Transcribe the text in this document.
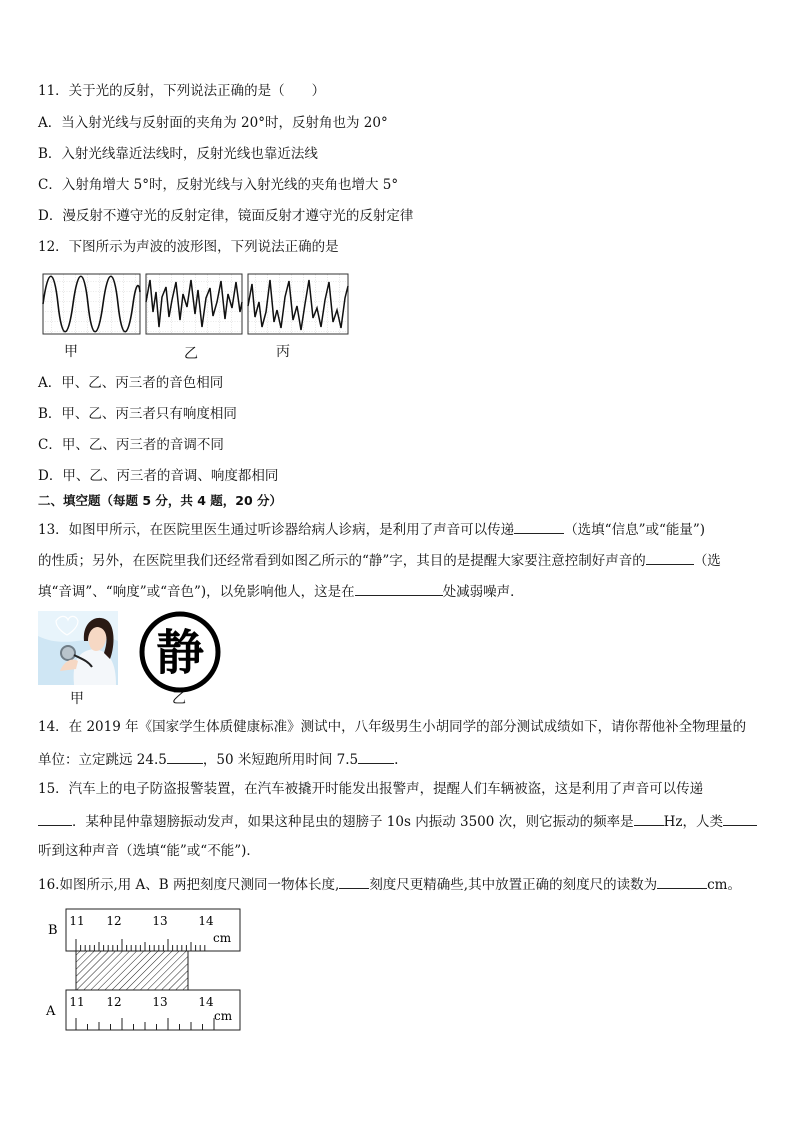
11．关于光的反射，下列说法正确的是（　　）
A．当入射光线与反射面的夹角为 20°时，反射角也为 20°
B．入射光线靠近法线时，反射光线也靠近法线
C．入射角增大 5°时，反射光线与入射光线的夹角也增大 5°
D．漫反射不遵守光的反射定律，镜面反射才遵守光的反射定律
12．下图所示为声波的波形图，下列说法正确的是
甲	乙	丙
A．甲、乙、丙三者的音色相同
B．甲、乙、丙三者只有响度相同
C．甲、乙、丙三者的音调不同
D．甲、乙、丙三者的音调、响度都相同
二、填空题（每题 5 分，共 4 题，20 分）
13．如图甲所示，在医院里医生通过听诊器给病人诊病，是利用了声音可以传递	（选填“信息”或“能量”)
的性质；另外，在医院里我们还经常看到如图乙所示的“静”字，其目的是提醒大家要注意控制好声音的	（选
填“音调”、“响度”或“音色”)，以免影响他人，这是在	处减弱噪声．
甲
静
乙
14．在 2019 年《国家学生体质健康标准》测试中，八年级男生小胡同学的部分测试成绩如下，请你帮他补全物理量的
单位：立定跳远 24.5	，50 米短跑所用时间 7.5	.
15．汽车上的电子防盗报警装置，在汽车被撬开时能发出报警声，提醒人们车辆被盗，这是利用了声音可以传递
．某种昆仲靠翅膀振动发声，如果这种昆虫的翅膀子 10s 内振动 3500 次，则它振动的频率是 Hz，人类
听到这种声音（选填“能”或“不能”)．
16.如图所示,用 A、B 两把刻度尺测同一物体长度, 刻度尺更精确些,其中放置正确的刻度尺的读数为	cm。
11 12	13	14
cm
B
11 12	13	14
cm
A
